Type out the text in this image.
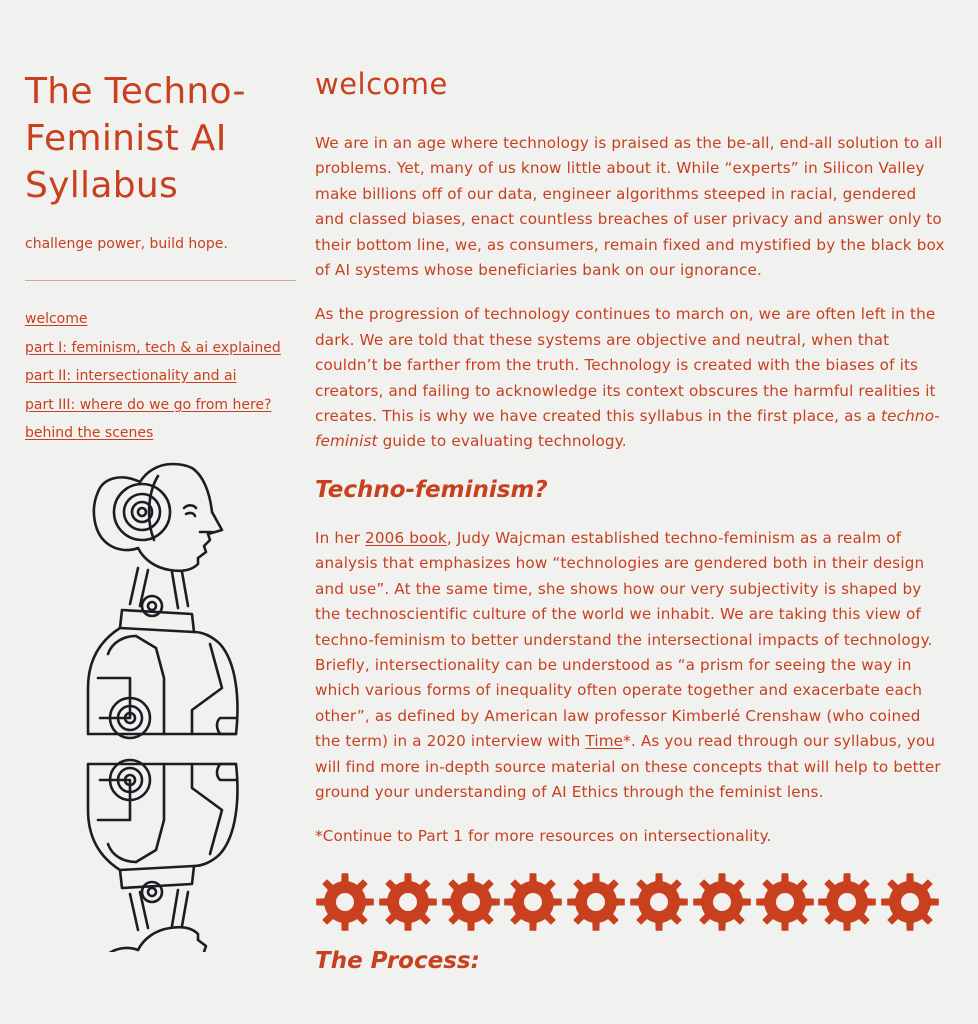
The Techno-Feminist AI Syllabus
challenge power, build hope.
welcome
part I: feminism, tech & ai explained
part II: intersectionality and ai
part III: where do we go from here?
behind the scenes
welcome

We are in an age where technology is praised as the be-all, end-all solution to all problems. Yet, many of us know little about it. While “experts” in Silicon Valley make billions off of our data, engineer algorithms steeped in racial, gendered and classed biases, enact countless breaches of user privacy and answer only to their bottom line, we, as consumers, remain fixed and mystified by the black box of AI systems whose beneficiaries bank on our ignorance.

As the progression of technology continues to march on, we are often left in the dark. We are told that these systems are objective and neutral, when that couldn’t be farther from the truth. Technology is created with the biases of its creators, and failing to acknowledge its context obscures the harmful realities it creates. This is why we have created this syllabus in the first place, as a techno-feminist guide to evaluating technology.

Techno-feminism?

In her 2006 book, Judy Wajcman established techno-feminism as a realm of analysis that emphasizes how “technologies are gendered both in their design and use”. At the same time, she shows how our very subjectivity is shaped by the technoscientific culture of the world we inhabit. We are taking this view of techno-feminism to better understand the intersectional impacts of technology. Briefly, intersectionality can be understood as “a prism for seeing the way in which various forms of inequality often operate together and exacerbate each other”, as defined by American law professor Kimberlé Crenshaw (who coined the term) in a 2020 interview with Time*. As you read through our syllabus, you will find more in-depth source material on these concepts that will help to better ground your understanding of AI Ethics through the feminist lens.

*Continue to Part 1 for more resources on intersectionality.

The Process:
